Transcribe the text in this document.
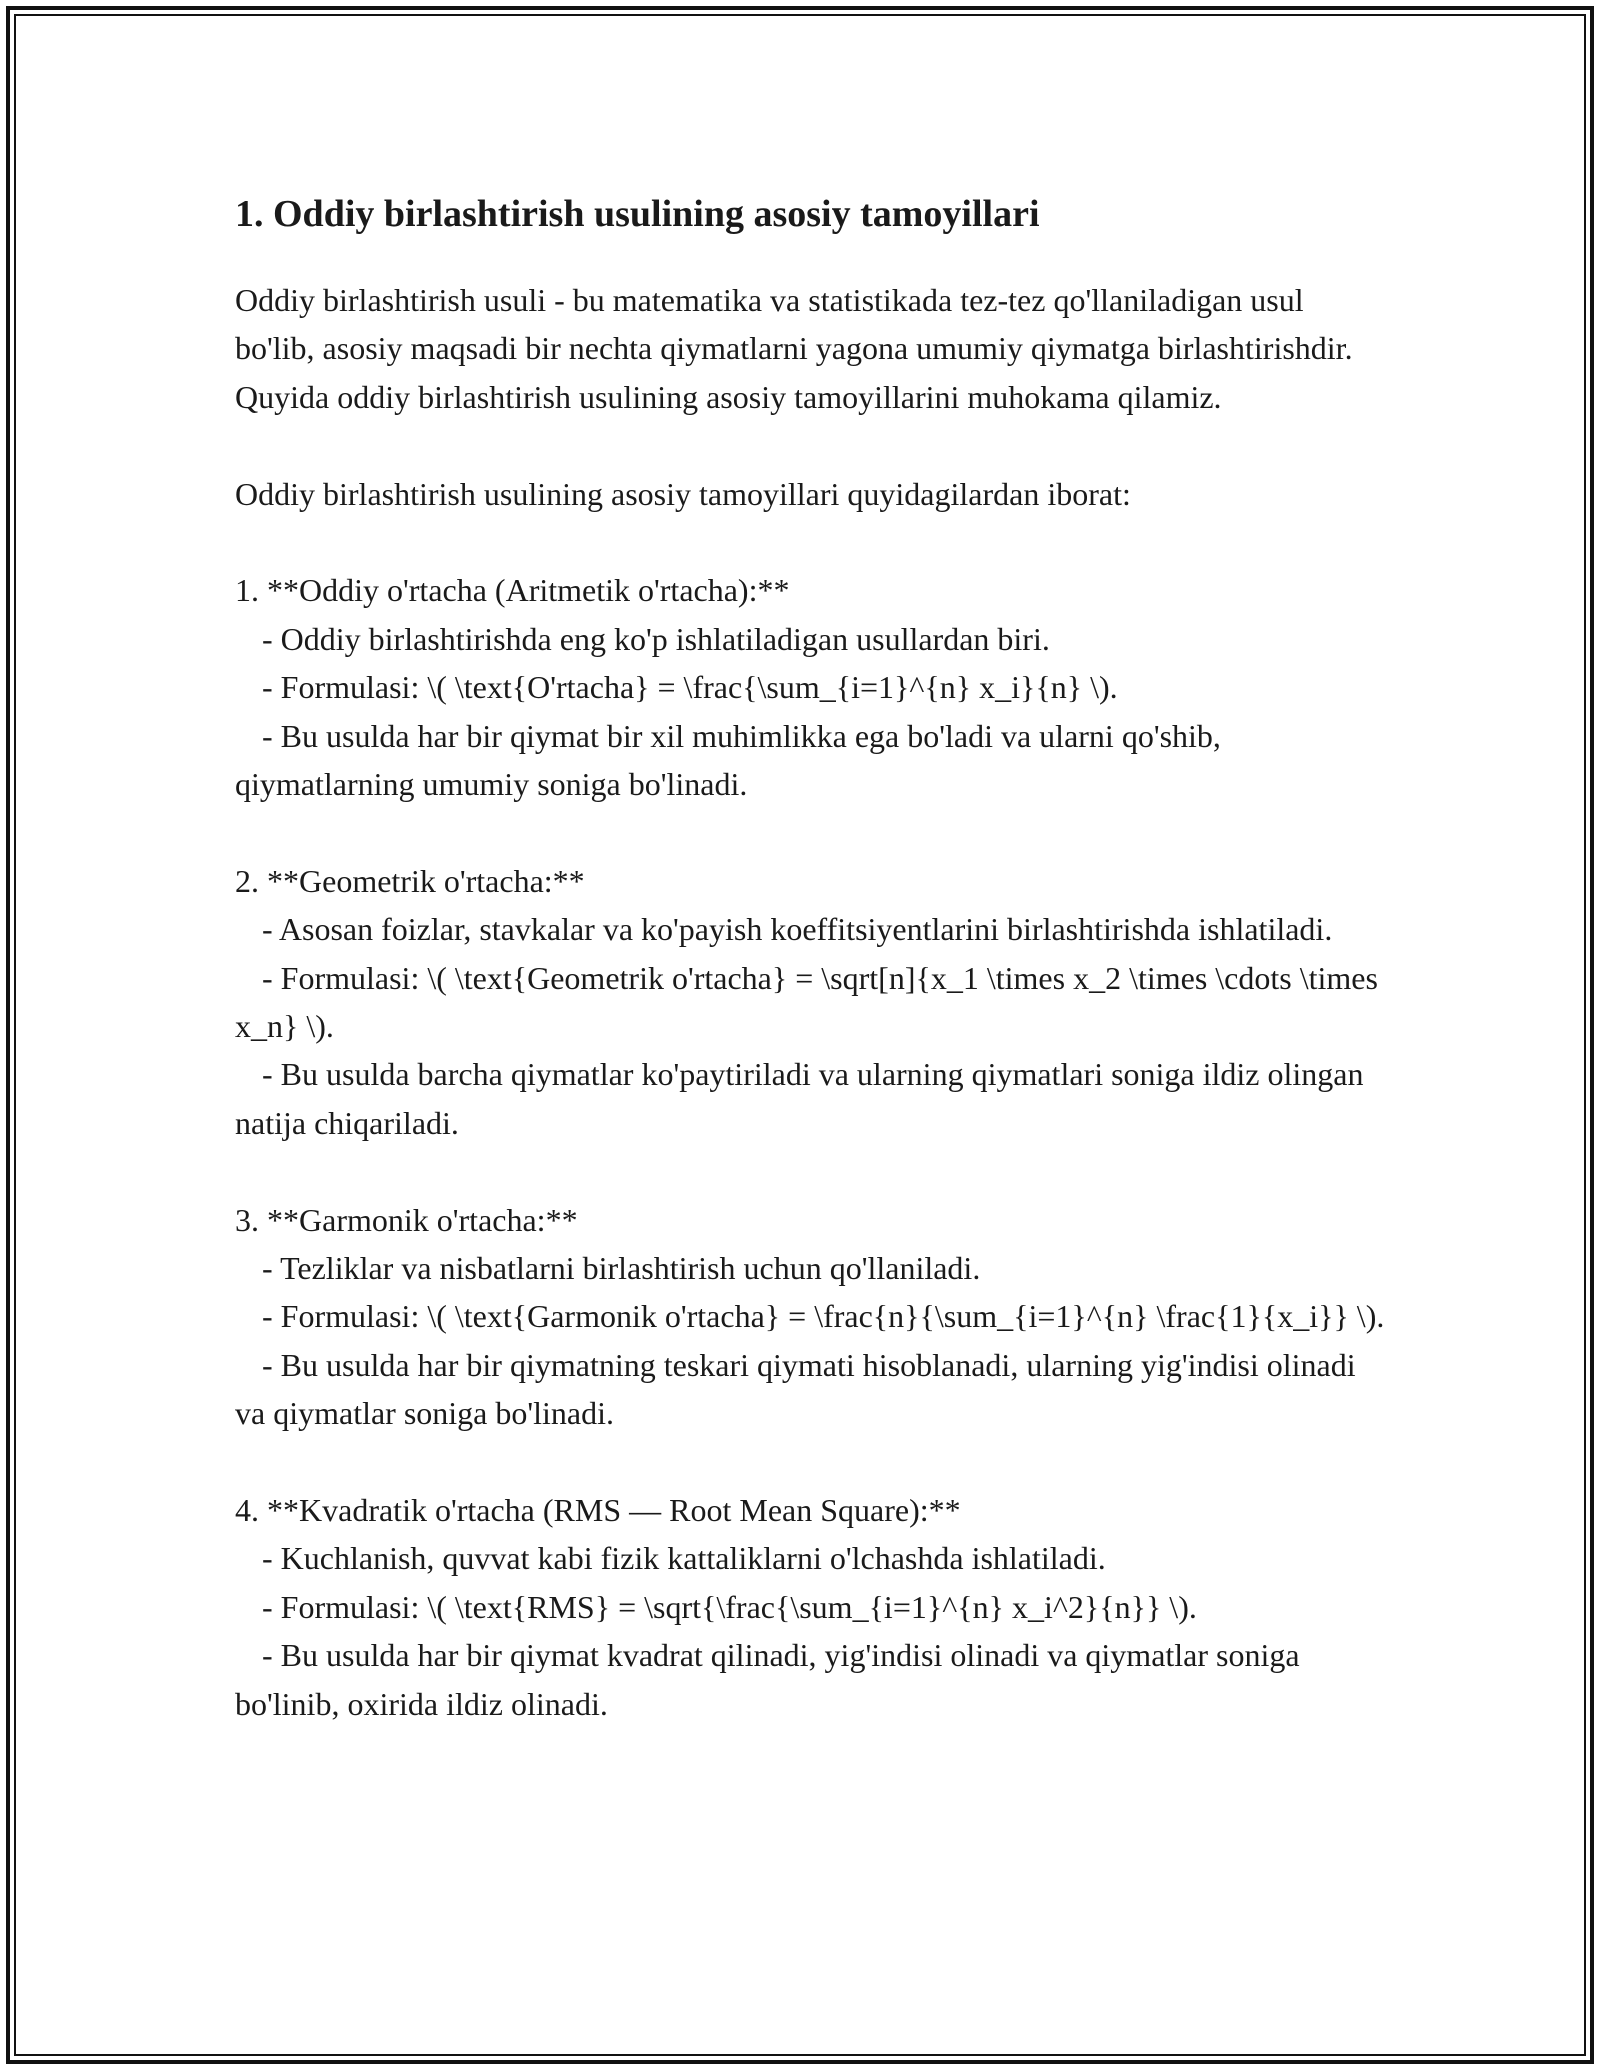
1. Oddiy birlashtirish usulining asosiy tamoyillari

Oddiy birlashtirish usuli - bu matematika va statistikada tez-tez qo'llaniladigan usul bo'lib, asosiy maqsadi bir nechta qiymatlarni yagona umumiy qiymatga birlashtirishdir. Quyida oddiy birlashtirish usulining asosiy tamoyillarini muhokama qilamiz.

Oddiy birlashtirish usulining asosiy tamoyillari quyidagilardan iborat:

1. **Oddiy o'rtacha (Aritmetik o'rtacha):**

- Oddiy birlashtirishda eng ko'p ishlatiladigan usullardan biri.

- Formulasi: \( \text{O'rtacha} = \frac{\sum_{i=1}^{n} x_i}{n} \).

- Bu usulda har bir qiymat bir xil muhimlikka ega bo'ladi va ularni qo'shib, qiymatlarning umumiy soniga bo'linadi.

2. **Geometrik o'rtacha:**

- Asosan foizlar, stavkalar va ko'payish koeffitsiyentlarini birlashtirishda ishlatiladi.

- Formulasi: \( \text{Geometrik o'rtacha} = \sqrt[n]{x_1 \times x_2 \times \cdots \times x_n} \).

- Bu usulda barcha qiymatlar ko'paytiriladi va ularning qiymatlari soniga ildiz olingan natija chiqariladi.

3. **Garmonik o'rtacha:**

- Tezliklar va nisbatlarni birlashtirish uchun qo'llaniladi.

- Formulasi: \( \text{Garmonik o'rtacha} = \frac{n}{\sum_{i=1}^{n} \frac{1}{x_i}} \).

- Bu usulda har bir qiymatning teskari qiymati hisoblanadi, ularning yig'indisi olinadi va qiymatlar soniga bo'linadi.

4. **Kvadratik o'rtacha (RMS — Root Mean Square):**

- Kuchlanish, quvvat kabi fizik kattaliklarni o'lchashda ishlatiladi.

- Formulasi: \( \text{RMS} = \sqrt{\frac{\sum_{i=1}^{n} x_i^2}{n}} \).

- Bu usulda har bir qiymat kvadrat qilinadi, yig'indisi olinadi va qiymatlar soniga bo'linib, oxirida ildiz olinadi.
